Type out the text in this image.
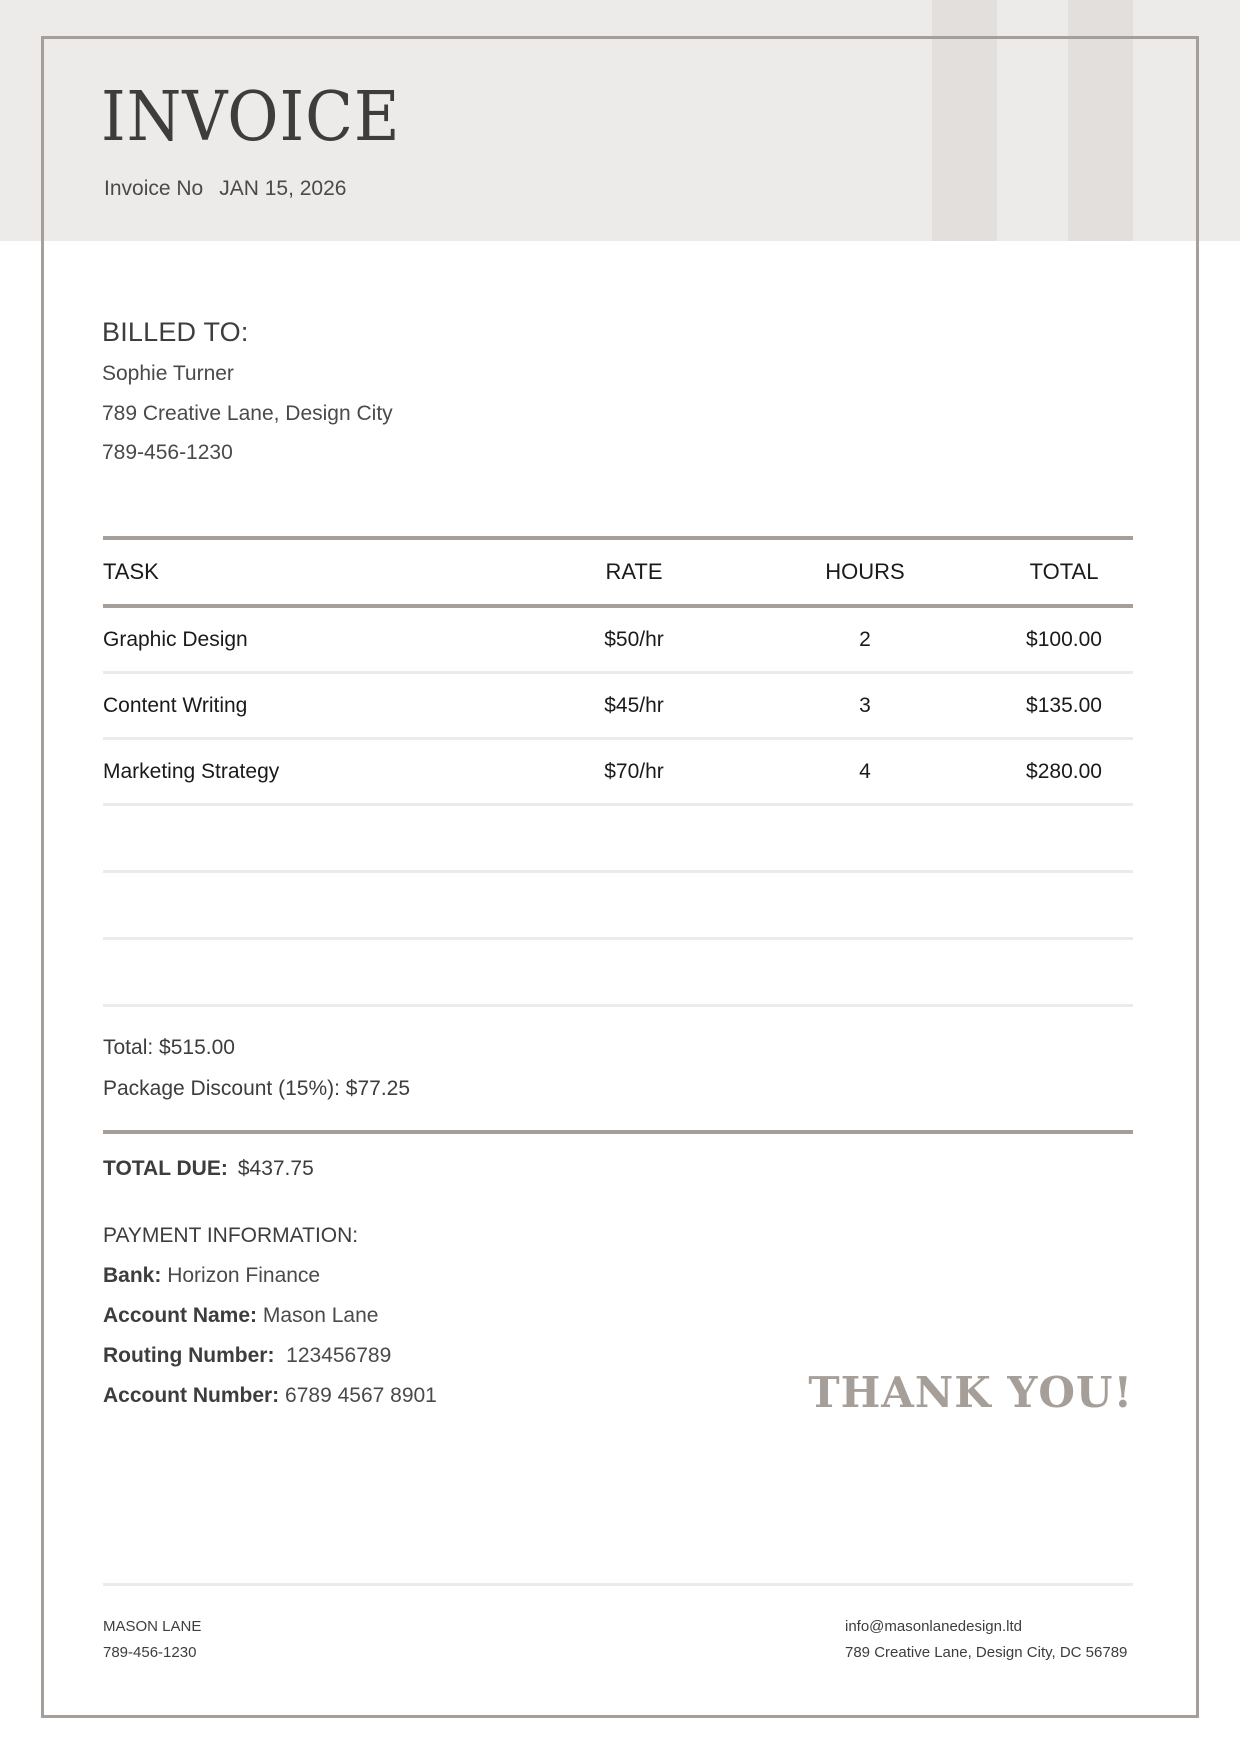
INVOICE
Invoice No JAN 15, 2026
BILLED TO:
Sophie Turner
789 Creative Lane, Design City
789-456-1230
TASK	RATE	HOURS	TOTAL
Graphic Design	$50/hr	2	$100.00
Content Writing	$45/hr	3	$135.00
Marketing Strategy	$70/hr	4	$280.00
Total: $515.00
Package Discount (15%): $77.25
TOTAL DUE: $437.75
PAYMENT INFORMATION:
Bank: Horizon Finance
Account Name: Mason Lane
Routing Number: 123456789
Account Number: 6789 4567 8901	THANK YOU!
MASON LANE
789-456-1230
info@masonlanedesign.ltd
789 Creative Lane, Design City, DC 56789
